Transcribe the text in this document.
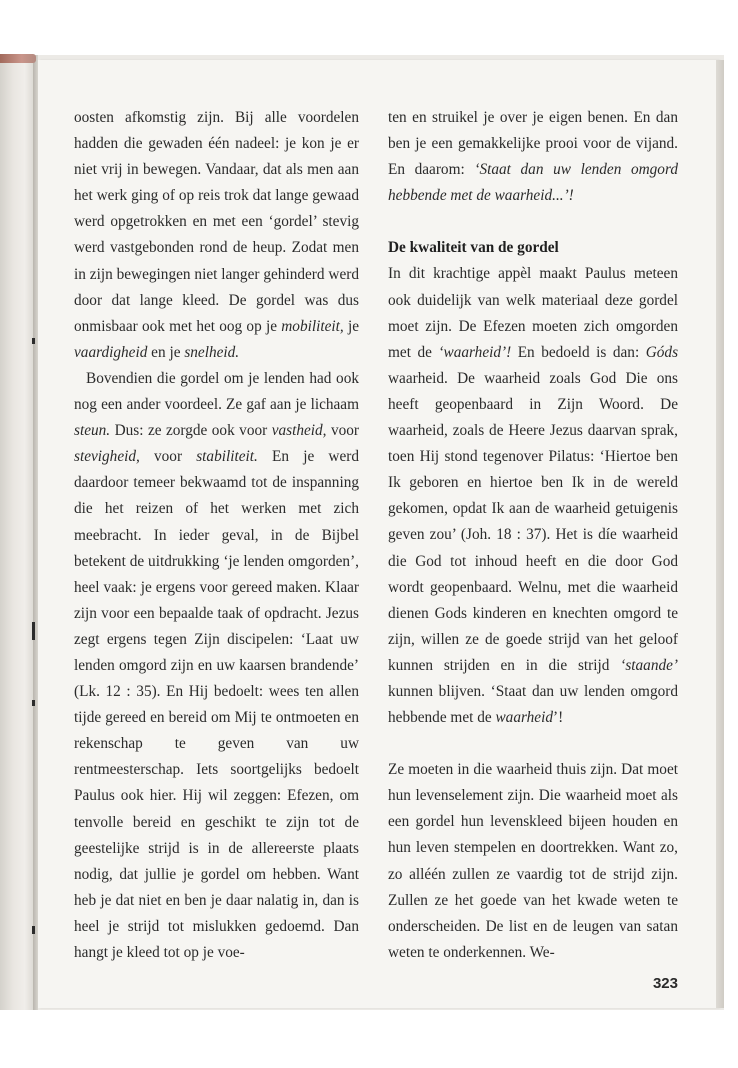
oosten afkomstig zijn. Bij alle voordelen hadden die gewaden één nadeel: je kon je er niet vrij in bewegen. Vandaar, dat als men aan het werk ging of op reis trok dat lange gewaad werd opgetrokken en met een ‘gordel’ stevig werd vastgebonden rond de heup. Zodat men in zijn bewegingen niet langer gehinderd werd door dat lange kleed. De gordel was dus onmisbaar ook met het oog op je mobiliteit, je vaardigheid en je snelheid.

Bovendien die gordel om je lenden had ook nog een ander voordeel. Ze gaf aan je lichaam steun. Dus: ze zorgde ook voor vastheid, voor stevigheid, voor stabiliteit. En je werd daardoor temeer bekwaamd tot de inspanning die het reizen of het werken met zich meebracht. In ieder geval, in de Bijbel betekent de uitdrukking ‘je lenden omgorden’, heel vaak: je ergens voor gereed maken. Klaar zijn voor een bepaalde taak of opdracht. Jezus zegt ergens tegen Zijn discipelen: ‘Laat uw lenden omgord zijn en uw kaarsen brandende’ (Lk. 12 : 35). En Hij bedoelt: wees ten allen tijde gereed en bereid om Mij te ontmoeten en rekenschap te geven van uw rentmeesterschap. Iets soortgelijks bedoelt Paulus ook hier. Hij wil zeggen: Efezen, om tenvolle bereid en geschikt te zijn tot de geestelijke strijd is in de allereerste plaats nodig, dat jullie je gordel om hebben. Want heb je dat niet en ben je daar nalatig in, dan is heel je strijd tot mislukken gedoemd. Dan hangt je kleed tot op je voe-

ten en struikel je over je eigen benen. En dan ben je een gemakkelijke prooi voor de vijand. En daarom: ‘Staat dan uw lenden omgord hebbende met de waarheid...’!

De kwaliteit van de gordel

In dit krachtige appèl maakt Paulus meteen ook duidelijk van welk materiaal deze gordel moet zijn. De Efezen moeten zich omgorden met de ‘waarheid’! En bedoeld is dan: Góds waarheid. De waarheid zoals God Die ons heeft geopenbaard in Zijn Woord. De waarheid, zoals de Heere Jezus daarvan sprak, toen Hij stond tegenover Pilatus: ‘Hiertoe ben Ik geboren en hiertoe ben Ik in de wereld gekomen, opdat Ik aan de waarheid getuigenis geven zou’ (Joh. 18 : 37). Het is díe waarheid die God tot inhoud heeft en die door God wordt geopenbaard. Welnu, met die waarheid dienen Gods kinderen en knechten omgord te zijn, willen ze de goede strijd van het geloof kunnen strijden en in die strijd ‘staande’ kunnen blijven. ‘Staat dan uw lenden omgord hebbende met de waarheid’!

Ze moeten in die waarheid thuis zijn. Dat moet hun levenselement zijn. Die waarheid moet als een gordel hun levenskleed bijeen houden en hun leven stempelen en doortrekken. Want zo, zo alléén zullen ze vaardig tot de strijd zijn. Zullen ze het goede van het kwade weten te onderscheiden. De list en de leugen van satan weten te onderkennen. We-

323
